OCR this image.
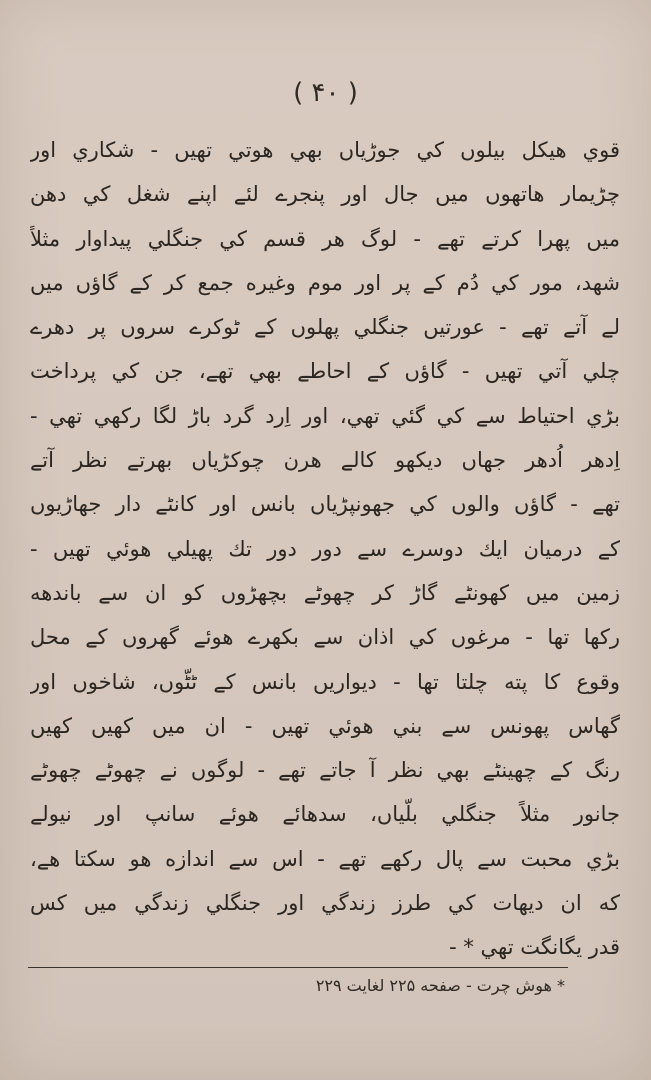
( ۴۰ )
قوي هيكل بيلوں كي جوڑياں بهي هوتي تهيں - شكاري اور
چڑيمار هاتهوں ميں جال اور پنجرے لئے اپنے شغل كي دهن
ميں پهرا كرتے تهے - لوگ هر قسم كي جنگلي پيداوار مثلاً
شهد، مور كي دُم كے پر اور موم وغيره جمع كر كے گاؤں ميں
لے آتے تهے - عورتيں جنگلي پهلوں كے ٹوكرے سروں پر دهرے
چلي آتي تهيں - گاؤں كے احاطے بهي تهے، جن كي پرداخت
بڑي احتياط سے كي گئي تهي، اور اِرد گرد باڑ لگا ركهي تهي -
اِدهر اُدهر جهاں ديكهو كالے هرن چوكڑياں بهرتے نظر آتے
تهے - گاؤں والوں كي جهونپڑياں بانس اور كانٹے دار جهاڑيوں
كے درميان ايك دوسرے سے دور دور تك پهيلي هوئي تهيں -
زمين ميں كهونٹے گاڑ كر چهوٹے بچهڑوں كو ان سے باندهه
ركها تها - مرغوں كي اذان سے بكهرے هوئے گهروں كے محل
وقوع كا پته چلتا تها - ديواريں بانس كے ٹٹّوں، شاخوں اور
گهاس پهونس سے بني هوئي تهيں - ان ميں كهيں كهيں
رنگ كے چهينٹے بهي نظر آ جاتے تهے - لوگوں نے چهوٹے چهوٹے
جانور مثلاً جنگلي بلّياں، سدهائے هوئے سانپ اور نيولے
بڑي محبت سے پال ركهے تهے - اس سے اندازه هو سكتا هے،
كه ان ديهات كي طرز زندگي اور جنگلي زندگي ميں كس
قدر يگانگت تهي * -
* هوش چرت - صفحه ۲۲۵ لغايت ۲۲۹
